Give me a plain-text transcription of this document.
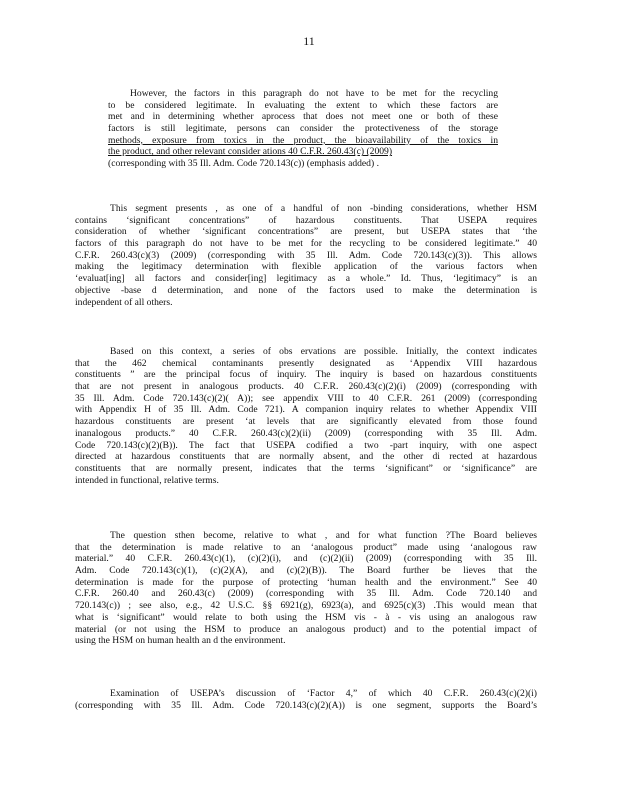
11
However, the factors in this paragraph do not have to be met for the recycling
to be considered legitimate. In evaluating the extent to which these factors are
met and in determining whether aprocess that does not meet one or both of these
factors is still legitimate, persons can consider the protectiveness of the storage
methods, exposure from toxics in the product, the bioavailability of the toxics in
the product, and other relevant consider ations 40 C.F.R. 260.43(c) (2009)
(corresponding with 35 Ill. Adm. Code 720.143(c)) (emphasis added) .
This segment presents , as one of a handful of non -binding considerations, whether HSM
contains ‘significant concentrations” of hazardous constituents. That USEPA requires
consideration of whether ‘significant concentrations” are present, but USEPA states that ‘the
factors of this paragraph do not have to be met for the recycling to be considered legitimate.” 40
C.F.R. 260.43(c)(3) (2009) (corresponding with 35 Ill. Adm. Code 720.143(c)(3)). This allows
making the legitimacy determination with flexible application of the various factors when
‘evaluat[ing] all factors and consider[ing] legitimacy as a whole.” Id. Thus, ‘legitimacy” is an
objective -base d determination, and none of the factors used to make the determination is
independent of all others.
Based on this context, a series of obs ervations are possible. Initially, the context indicates
that the 462 chemical contaminants presently designated as ‘Appendix VIII hazardous
constituents ” are the principal focus of inquiry. The inquiry is based on hazardous constituents
that are not present in analogous products. 40 C.F.R. 260.43(c)(2)(i) (2009) (corresponding with
35 Ill. Adm. Code 720.143(c)(2)( A)); see appendix VIII to 40 C.F.R. 261 (2009) (corresponding
with Appendix H of 35 Ill. Adm. Code 721). A companion inquiry relates to whether Appendix VIII
hazardous constituents are present ‘at levels that are significantly elevated from those found
inanalogous products.” 40 C.F.R. 260.43(c)(2)(ii) (2009) (corresponding with 35 Ill. Adm.
Code 720.143(c)(2)(B)). The fact that USEPA codified a two -part inquiry, with one aspect
directed at hazardous constituents that are normally absent, and the other di rected at hazardous
constituents that are normally present, indicates that the terms ‘significant” or ‘significance” are
intended in functional, relative terms.
The question sthen become, relative to what , and for what function ?The Board believes
that the determination is made relative to an ‘analogous product” made using ‘analogous raw
material.” 40 C.F.R. 260.43(c)(1), (c)(2)(i), and (c)(2)(ii) (2009) (corresponding with 35 Ill.
Adm. Code 720.143(c)(1), (c)(2)(A), and (c)(2)(B)). The Board further be lieves that the
determination is made for the purpose of protecting ‘human health and the environment.” See 40
C.F.R. 260.40 and 260.43(c) (2009) (corresponding with 35 Ill. Adm. Code 720.140 and
720.143(c)) ; see also, e.g., 42 U.S.C. §§ 6921(g), 6923(a), and 6925(c)(3) .This would mean that
what is ‘significant” would relate to both using the HSM vis - à - vis using an analogous raw
material (or not using the HSM to produce an analogous product) and to the potential impact of
using the HSM on human health an d the environment.
Examination of USEPA’s discussion of ‘Factor 4,” of which 40 C.F.R. 260.43(c)(2)(i)
(corresponding with 35 Ill. Adm. Code 720.143(c)(2)(A)) is one segment, supports the Board’s
